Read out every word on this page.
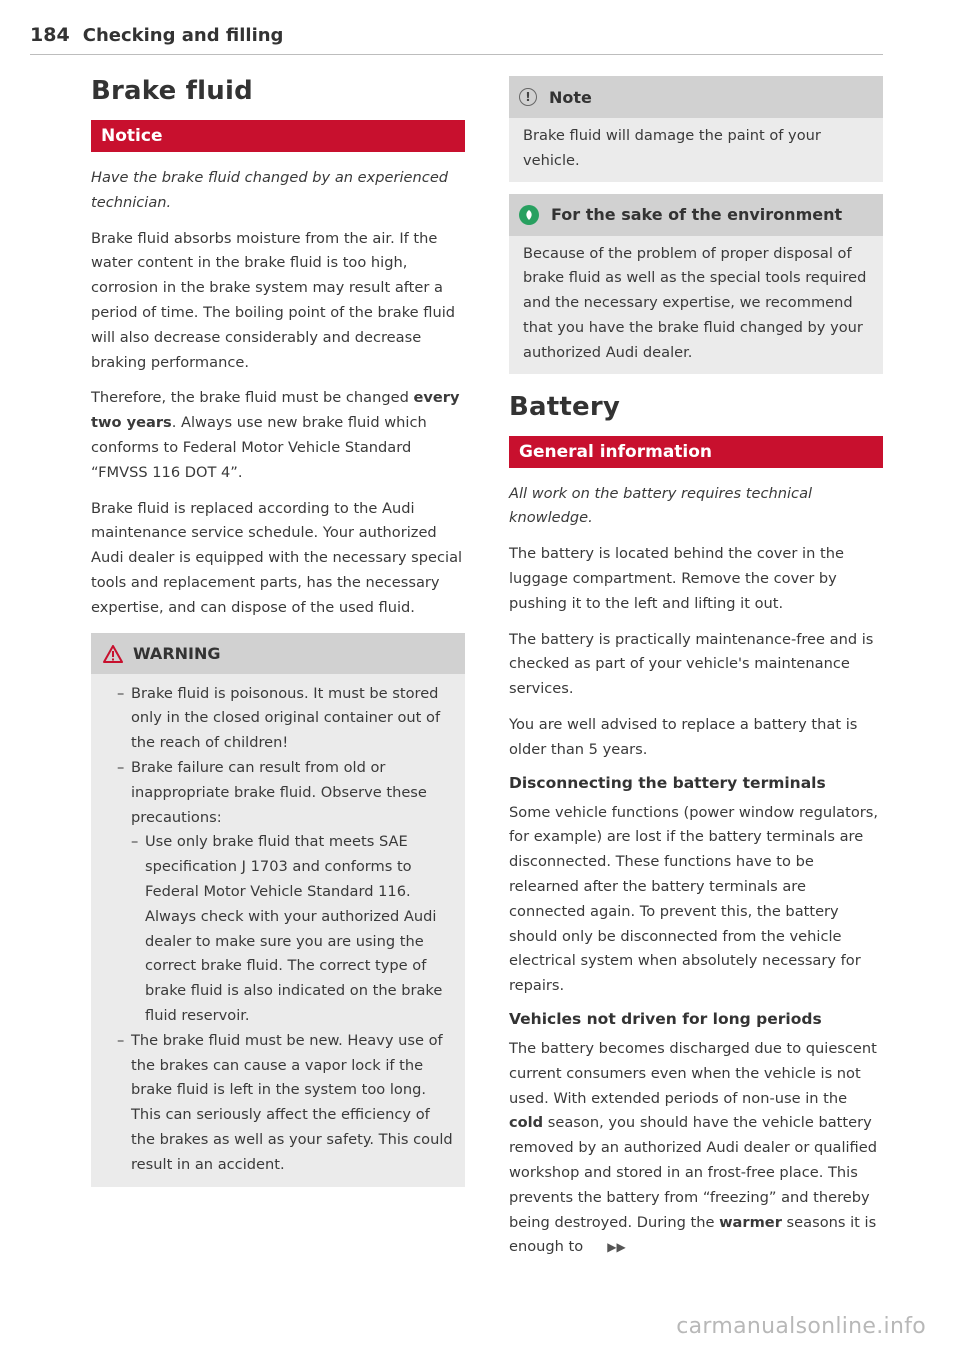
184 Checking and filling
Brake fluid
Notice

Have the brake fluid changed by an experienced technician.

Brake fluid absorbs moisture from the air. If the water content in the brake fluid is too high, corrosion in the brake system may result after a period of time. The boiling point of the brake fluid will also decrease considerably and decrease braking performance.

Therefore, the brake fluid must be changed every two years. Always use new brake fluid which conforms to Federal Motor Vehicle Standard “FMVSS 116 DOT 4”.

Brake fluid is replaced according to the Audi maintenance service schedule. Your authorized Audi dealer is equipped with the necessary special tools and replacement parts, has the necessary expertise, and can dispose of the used fluid.

WARNING
– Brake fluid is poisonous. It must be stored only in the closed original container out of the reach of children!
– Brake failure can result from old or inappropriate brake fluid. Observe these precautions:
– Use only brake fluid that meets SAE specification J 1703 and conforms to Federal Motor Vehicle Standard 116. Always check with your authorized Audi dealer to make sure you are using the correct brake fluid. The correct type of brake fluid is also indicated on the brake fluid reservoir.
– The brake fluid must be new. Heavy use of the brakes can cause a vapor lock if the brake fluid is left in the system too long. This can seriously affect the efficiency of the brakes as well as your safety. This could result in an accident.
!	Note
Brake fluid will damage the paint of your vehicle.
For the sake of the environment
Because of the problem of proper disposal of brake fluid as well as the special tools required and the necessary expertise, we recommend that you have the brake fluid changed by your authorized Audi dealer.
Battery
General information

All work on the battery requires technical knowledge.

The battery is located behind the cover in the luggage compartment. Remove the cover by pushing it to the left and lifting it out.

The battery is practically maintenance-free and is checked as part of your vehicle's maintenance services.

You are well advised to replace a battery that is older than 5 years.

Disconnecting the battery terminals

Some vehicle functions (power window regulators, for example) are lost if the battery terminals are disconnected. These functions have to be relearned after the battery terminals are connected again. To prevent this, the battery should only be disconnected from the vehicle electrical system when absolutely necessary for repairs.

Vehicles not driven for long periods

The battery becomes discharged due to quiescent current consumers even when the vehicle is not used. With extended periods of non-use in the cold season, you should have the vehicle battery removed by an authorized Audi dealer or qualified workshop and stored in an frost-free place. This prevents the battery from “freezing” and thereby being destroyed. During the warmer seasons it is enough to ▶▶

carmanualsonline.info
